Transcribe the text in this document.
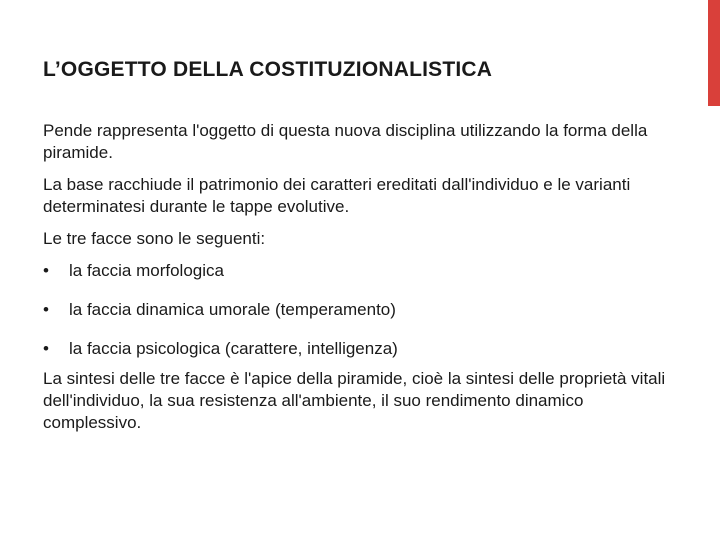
L’OGGETTO DELLA COSTITUZIONALISTICA

Pende rappresenta l'oggetto di questa nuova disciplina utilizzando la forma della piramide.

La base racchiude il patrimonio dei caratteri ereditati dall'individuo e le varianti determinatesi durante le tappe evolutive.

Le tre facce sono le seguenti:

•	la faccia morfologica
•	la faccia dinamica umorale (temperamento)
•	la faccia psicologica (carattere, intelligenza)

La sintesi delle tre facce è l'apice della piramide, cioè la sintesi delle proprietà vitali dell'individuo, la sua resistenza all'ambiente, il suo rendimento dinamico complessivo.
